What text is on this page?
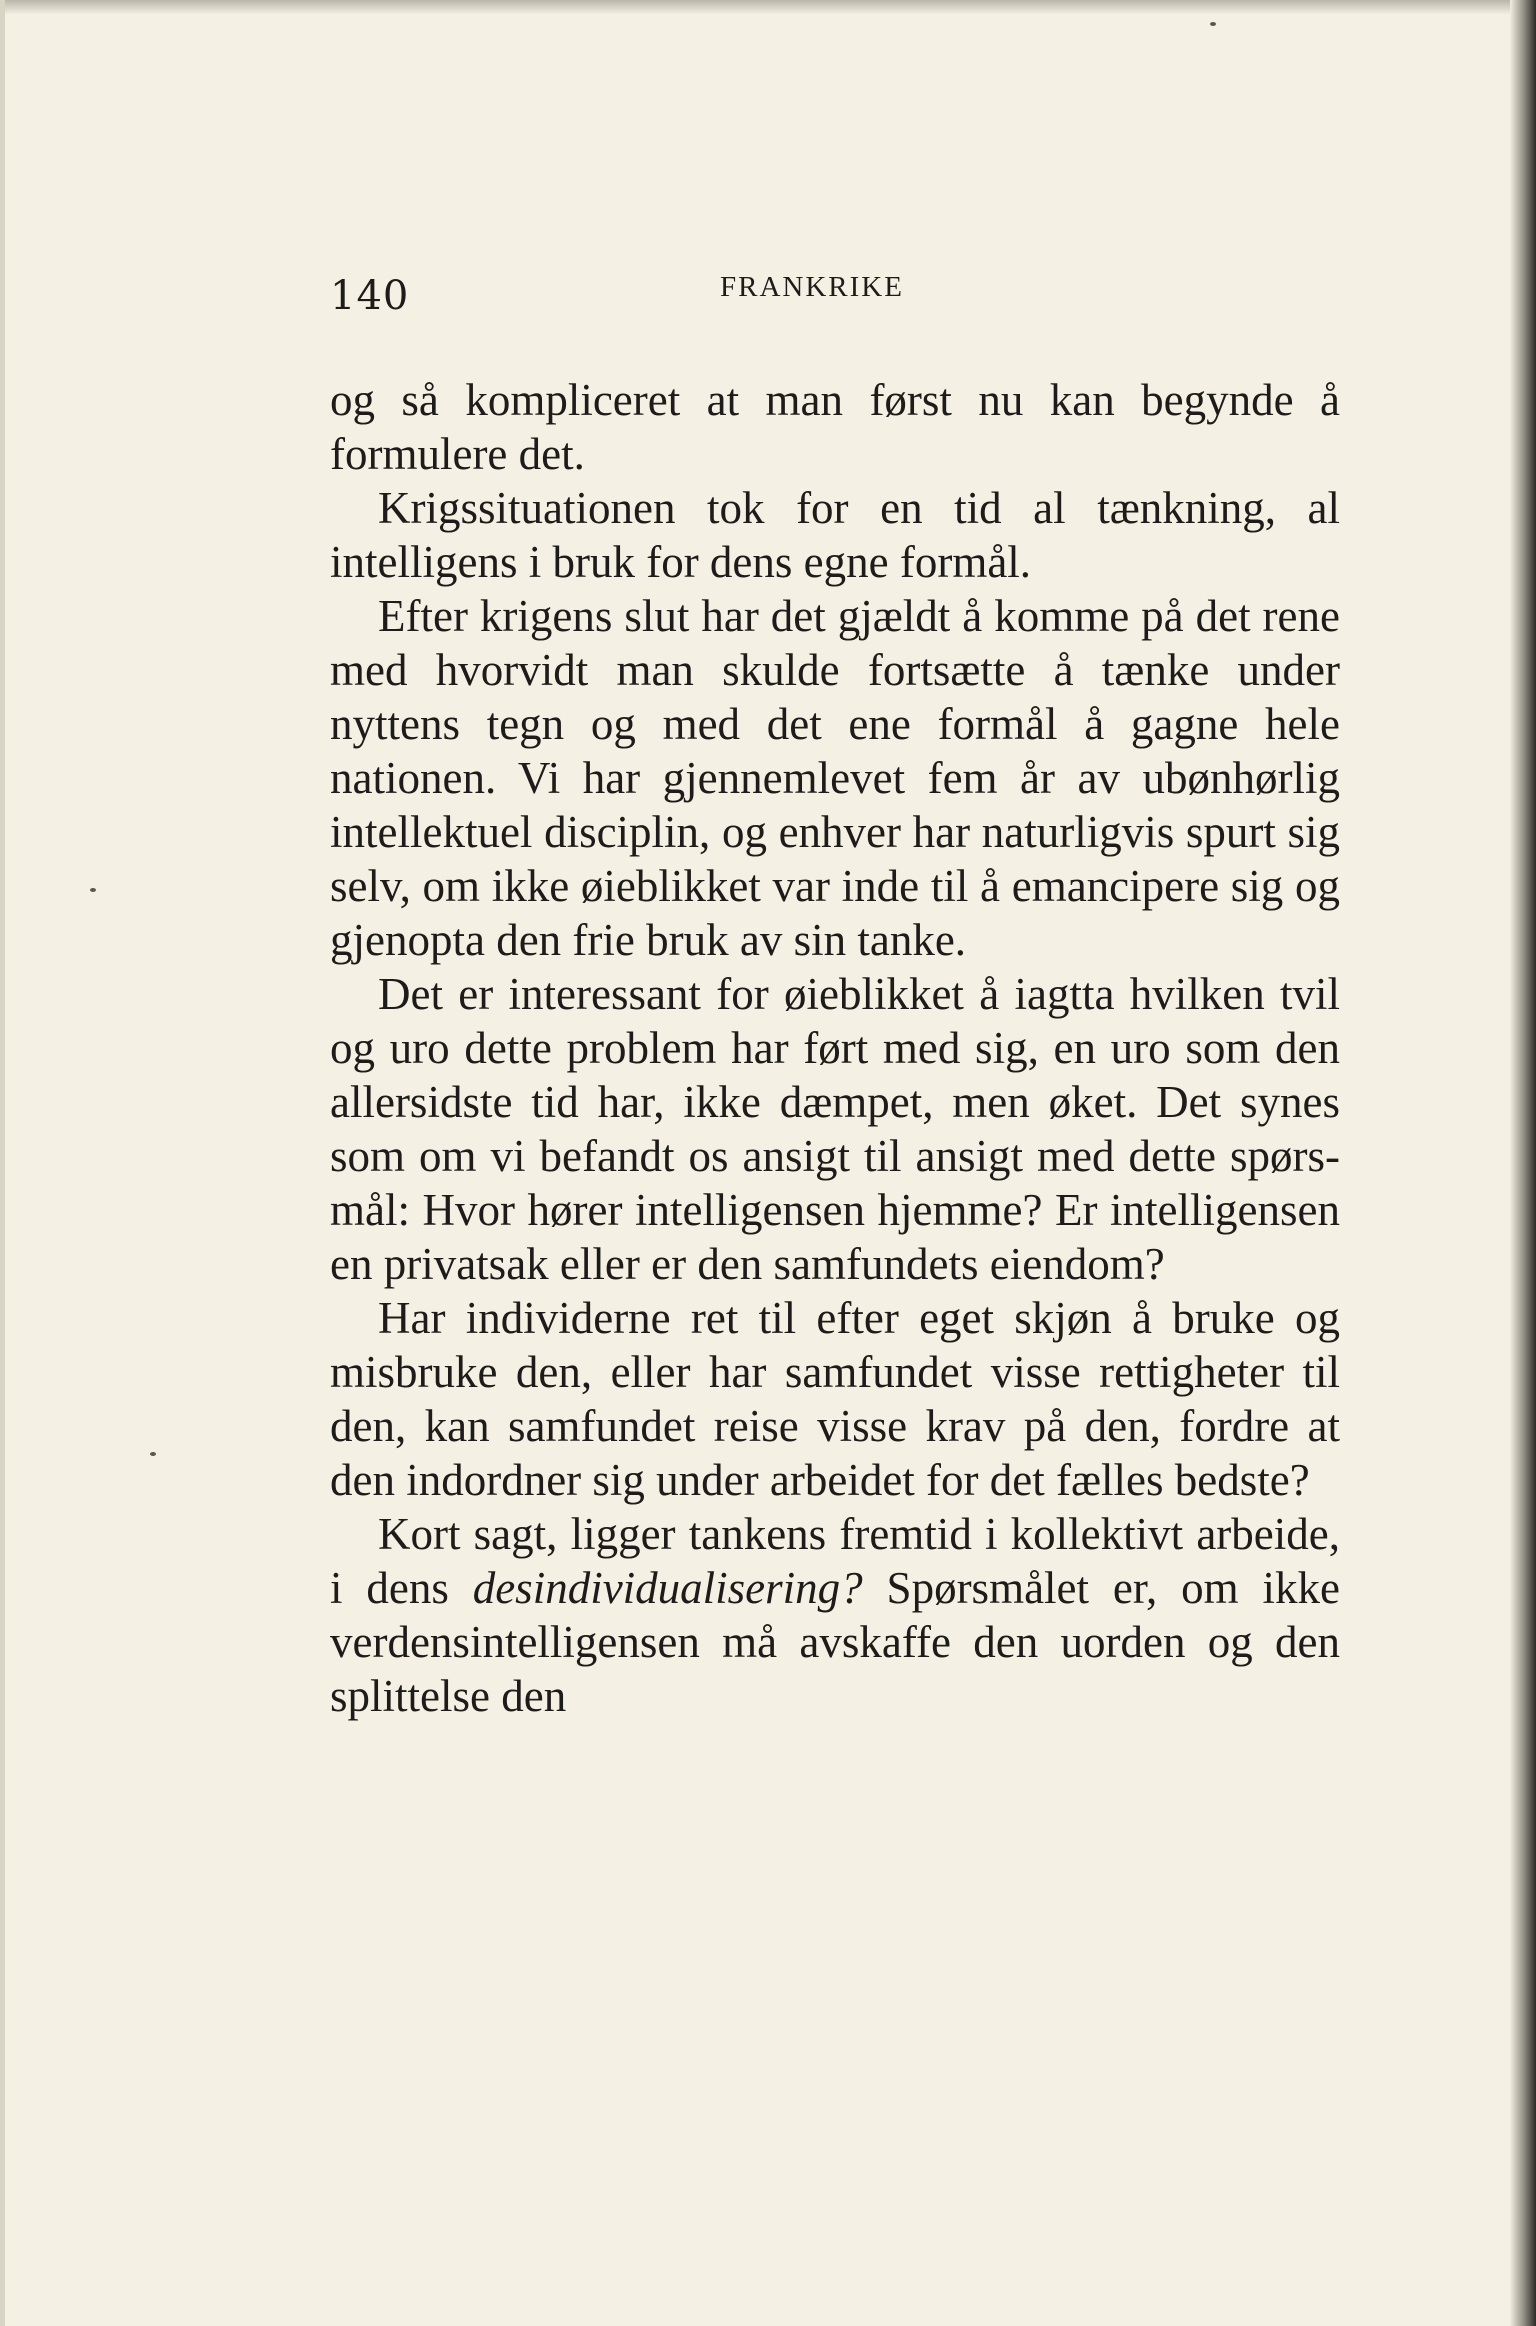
140	FRANKRIKE

og så kompliceret at man først nu kan begynde å formulere det.

Krigssituationen tok for en tid al tænkning, al intelligens i bruk for dens egne formål.

Efter krigens slut har det gjældt å komme på det rene med hvorvidt man skulde fortsætte å tænke under nyttens tegn og med det ene formål å gagne hele nationen. Vi har gjennemlevet fem år av ubønhørlig intellektuel disciplin, og enhver har naturligvis spurt sig selv, om ikke øieblikket var inde til å emancipere sig og gjenopta den frie bruk av sin tanke.

Det er interessant for øieblikket å iagtta hvilken tvil og uro dette problem har ført med sig, en uro som den allersidste tid har, ikke dæmpet, men øket. Det synes som om vi befandt os ansigt til ansigt med dette spørsmål: Hvor hører intelligensen hjemme? Er intelligensen en privatsak eller er den samfundets eiendom?

Har individerne ret til efter eget skjøn å bruke og misbruke den, eller har samfundet visse rettigheter til den, kan samfundet reise visse krav på den, fordre at den indordner sig under arbeidet for det fælles bedste?

Kort sagt, ligger tankens fremtid i kollektivt arbeide, i dens desindividualisering? Spørsmålet er, om ikke verdensintelligensen må avskaffe den uorden og den splittelse den
